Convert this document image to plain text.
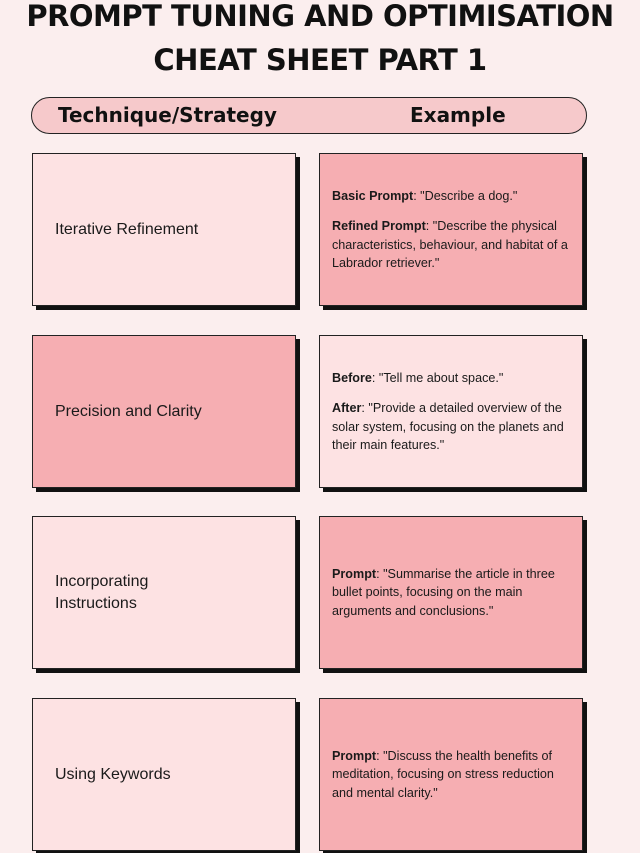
PROMPT TUNING AND OPTIMISATION
CHEAT SHEET PART 1
Technique/Strategy	Example
Iterative Refinement
Basic Prompt: "Describe a dog."
Refined Prompt: "Describe the physical characteristics, behaviour, and habitat of a Labrador retriever."
Precision and Clarity
Before: "Tell me about space."
After: "Provide a detailed overview of the solar system, focusing on the planets and their main features."
Incorporating Instructions
Prompt: "Summarise the article in three bullet points, focusing on the main arguments and conclusions."
Using Keywords
Prompt: "Discuss the health benefits of meditation, focusing on stress reduction and mental clarity."
